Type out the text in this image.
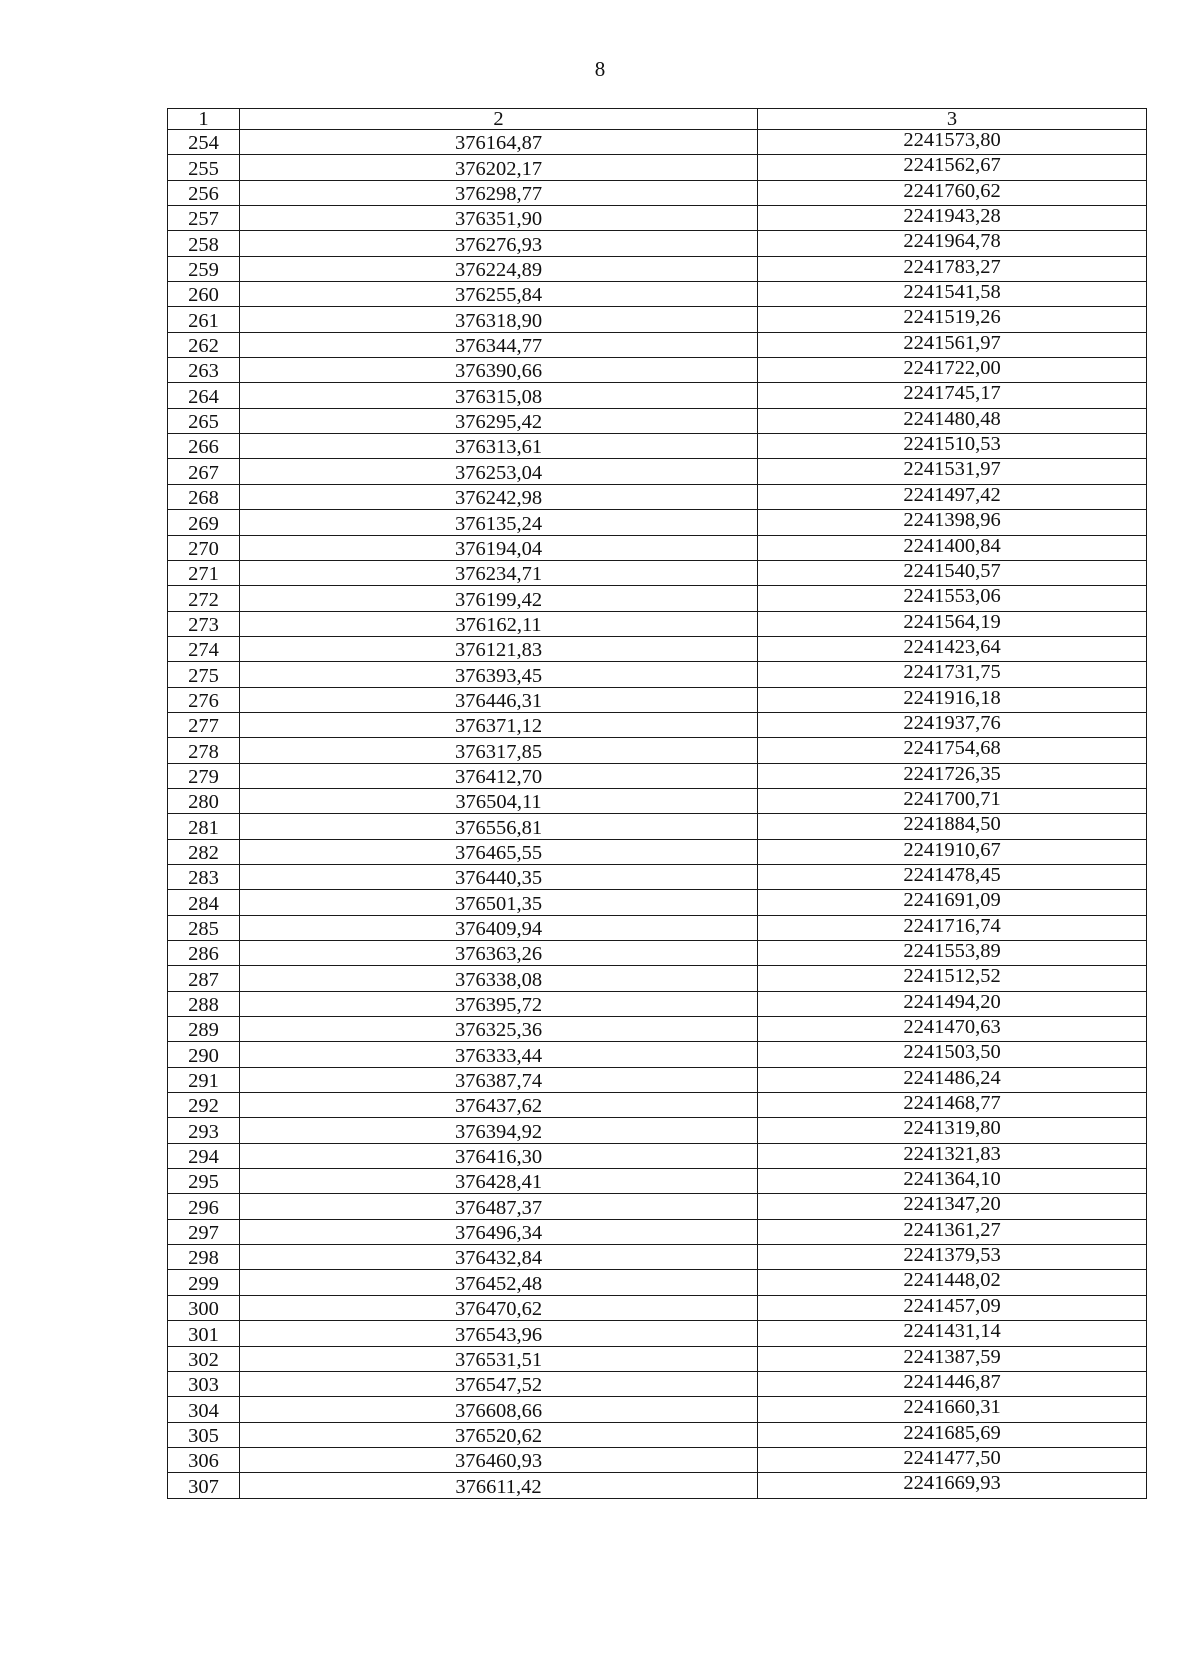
8
1	2	3
254	376164,87	2241573,80
255	376202,17	2241562,67
256	376298,77	2241760,62
257	376351,90	2241943,28
258	376276,93	2241964,78
259	376224,89	2241783,27
260	376255,84	2241541,58
261	376318,90	2241519,26
262	376344,77	2241561,97
263	376390,66	2241722,00
264	376315,08	2241745,17
265	376295,42	2241480,48
266	376313,61	2241510,53
267	376253,04	2241531,97
268	376242,98	2241497,42
269	376135,24	2241398,96
270	376194,04	2241400,84
271	376234,71	2241540,57
272	376199,42	2241553,06
273	376162,11	2241564,19
274	376121,83	2241423,64
275	376393,45	2241731,75
276	376446,31	2241916,18
277	376371,12	2241937,76
278	376317,85	2241754,68
279	376412,70	2241726,35
280	376504,11	2241700,71
281	376556,81	2241884,50
282	376465,55	2241910,67
283	376440,35	2241478,45
284	376501,35	2241691,09
285	376409,94	2241716,74
286	376363,26	2241553,89
287	376338,08	2241512,52
288	376395,72	2241494,20
289	376325,36	2241470,63
290	376333,44	2241503,50
291	376387,74	2241486,24
292	376437,62	2241468,77
293	376394,92	2241319,80
294	376416,30	2241321,83
295	376428,41	2241364,10
296	376487,37	2241347,20
297	376496,34	2241361,27
298	376432,84	2241379,53
299	376452,48	2241448,02
300	376470,62	2241457,09
301	376543,96	2241431,14
302	376531,51	2241387,59
303	376547,52	2241446,87
304	376608,66	2241660,31
305	376520,62	2241685,69
306	376460,93	2241477,50
307	376611,42	2241669,93
